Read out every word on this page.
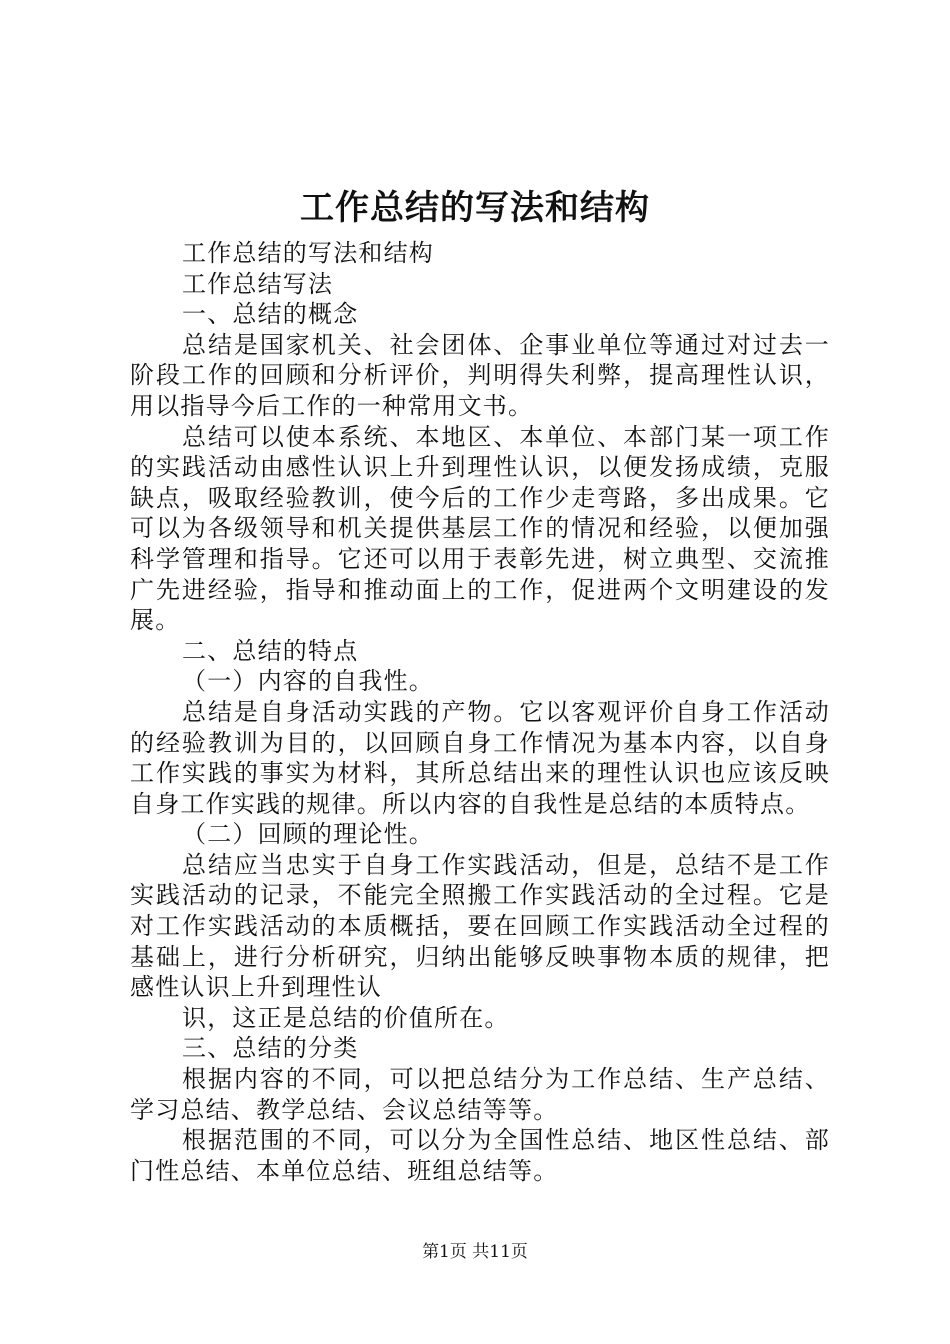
工作总结的写法和结构

工作总结的写法和结构

工作总结写法

一、总结的概念

总结是国家机关、社会团体、企事业单位等通过对过去一阶段工作的回顾和分析评价，判明得失利弊，提高理性认识，用以指导今后工作的一种常用文书。

总结可以使本系统、本地区、本单位、本部门某一项工作的实践活动由感性认识上升到理性认识，以便发扬成绩，克服缺点，吸取经验教训，使今后的工作少走弯路，多出成果。它可以为各级领导和机关提供基层工作的情况和经验，以便加强科学管理和指导。它还可以用于表彰先进，树立典型、交流推广先进经验，指导和推动面上的工作，促进两个文明建设的发展。

二、总结的特点

（一）内容的自我性。

总结是自身活动实践的产物。它以客观评价自身工作活动的经验教训为目的，以回顾自身工作情况为基本内容，以自身工作实践的事实为材料，其所总结出来的理性认识也应该反映自身工作实践的规律。所以内容的自我性是总结的本质特点。

（二）回顾的理论性。

总结应当忠实于自身工作实践活动，但是，总结不是工作实践活动的记录，不能完全照搬工作实践活动的全过程。它是对工作实践活动的本质概括，要在回顾工作实践活动全过程的基础上，进行分析研究，归纳出能够反映事物本质的规律，把感性认识上升到理性认

识，这正是总结的价值所在。

三、总结的分类

根据内容的不同，可以把总结分为工作总结、生产总结、学习总结、教学总结、会议总结等等。

根据范围的不同，可以分为全国性总结、地区性总结、部门性总结、本单位总结、班组总结等。

第1页 共11页
